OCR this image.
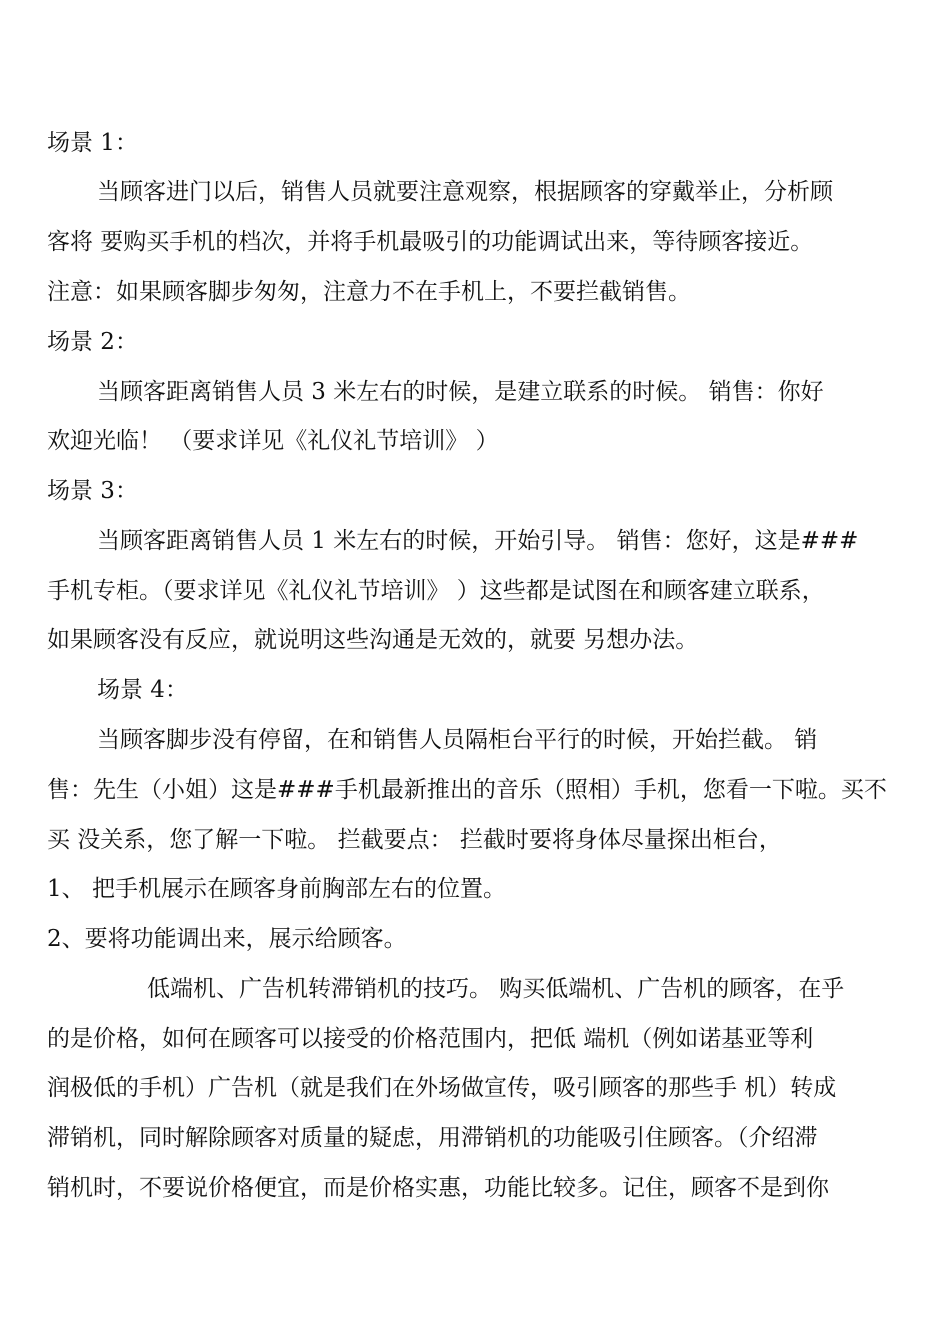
场景 1：
当顾客进门以后，销售人员就要注意观察，根据顾客的穿戴举止，分析顾
客将 要购买手机的档次，并将手机最吸引的功能调试出来，等待顾客接近。
注意：如果顾客脚步匆匆，注意力不在手机上，不要拦截销售。
场景 2：
当顾客距离销售人员 3 米左右的时候，是建立联系的时候。 销售：你好
欢迎光临！ （要求详见《礼仪礼节培训》 ）
场景 3：
当顾客距离销售人员 1 米左右的时候，开始引导。 销售：您好，这是###
手机专柜。（要求详见《礼仪礼节培训》 ）这些都是试图在和顾客建立联系，
如果顾客没有反应，就说明这些沟通是无效的，就要 另想办法。
场景 4：
当顾客脚步没有停留，在和销售人员隔柜台平行的时候，开始拦截。 销
售：先生（小姐）这是###手机最新推出的音乐（照相）手机，您看一下啦。买不
买 没关系，您了解一下啦。 拦截要点： 拦截时要将身体尽量探出柜台，
1、 把手机展示在顾客身前胸部左右的位置。
2、要将功能调出来，展示给顾客。
低端机、广告机转滞销机的技巧。 购买低端机、广告机的顾客，在乎
的是价格，如何在顾客可以接受的价格范围内，把低 端机（例如诺基亚等利
润极低的手机）广告机（就是我们在外场做宣传，吸引顾客的那些手 机）转成
滞销机，同时解除顾客对质量的疑虑，用滞销机的功能吸引住顾客。（介绍滞
销机时，不要说价格便宜，而是价格实惠，功能比较多。记住，顾客不是到你
